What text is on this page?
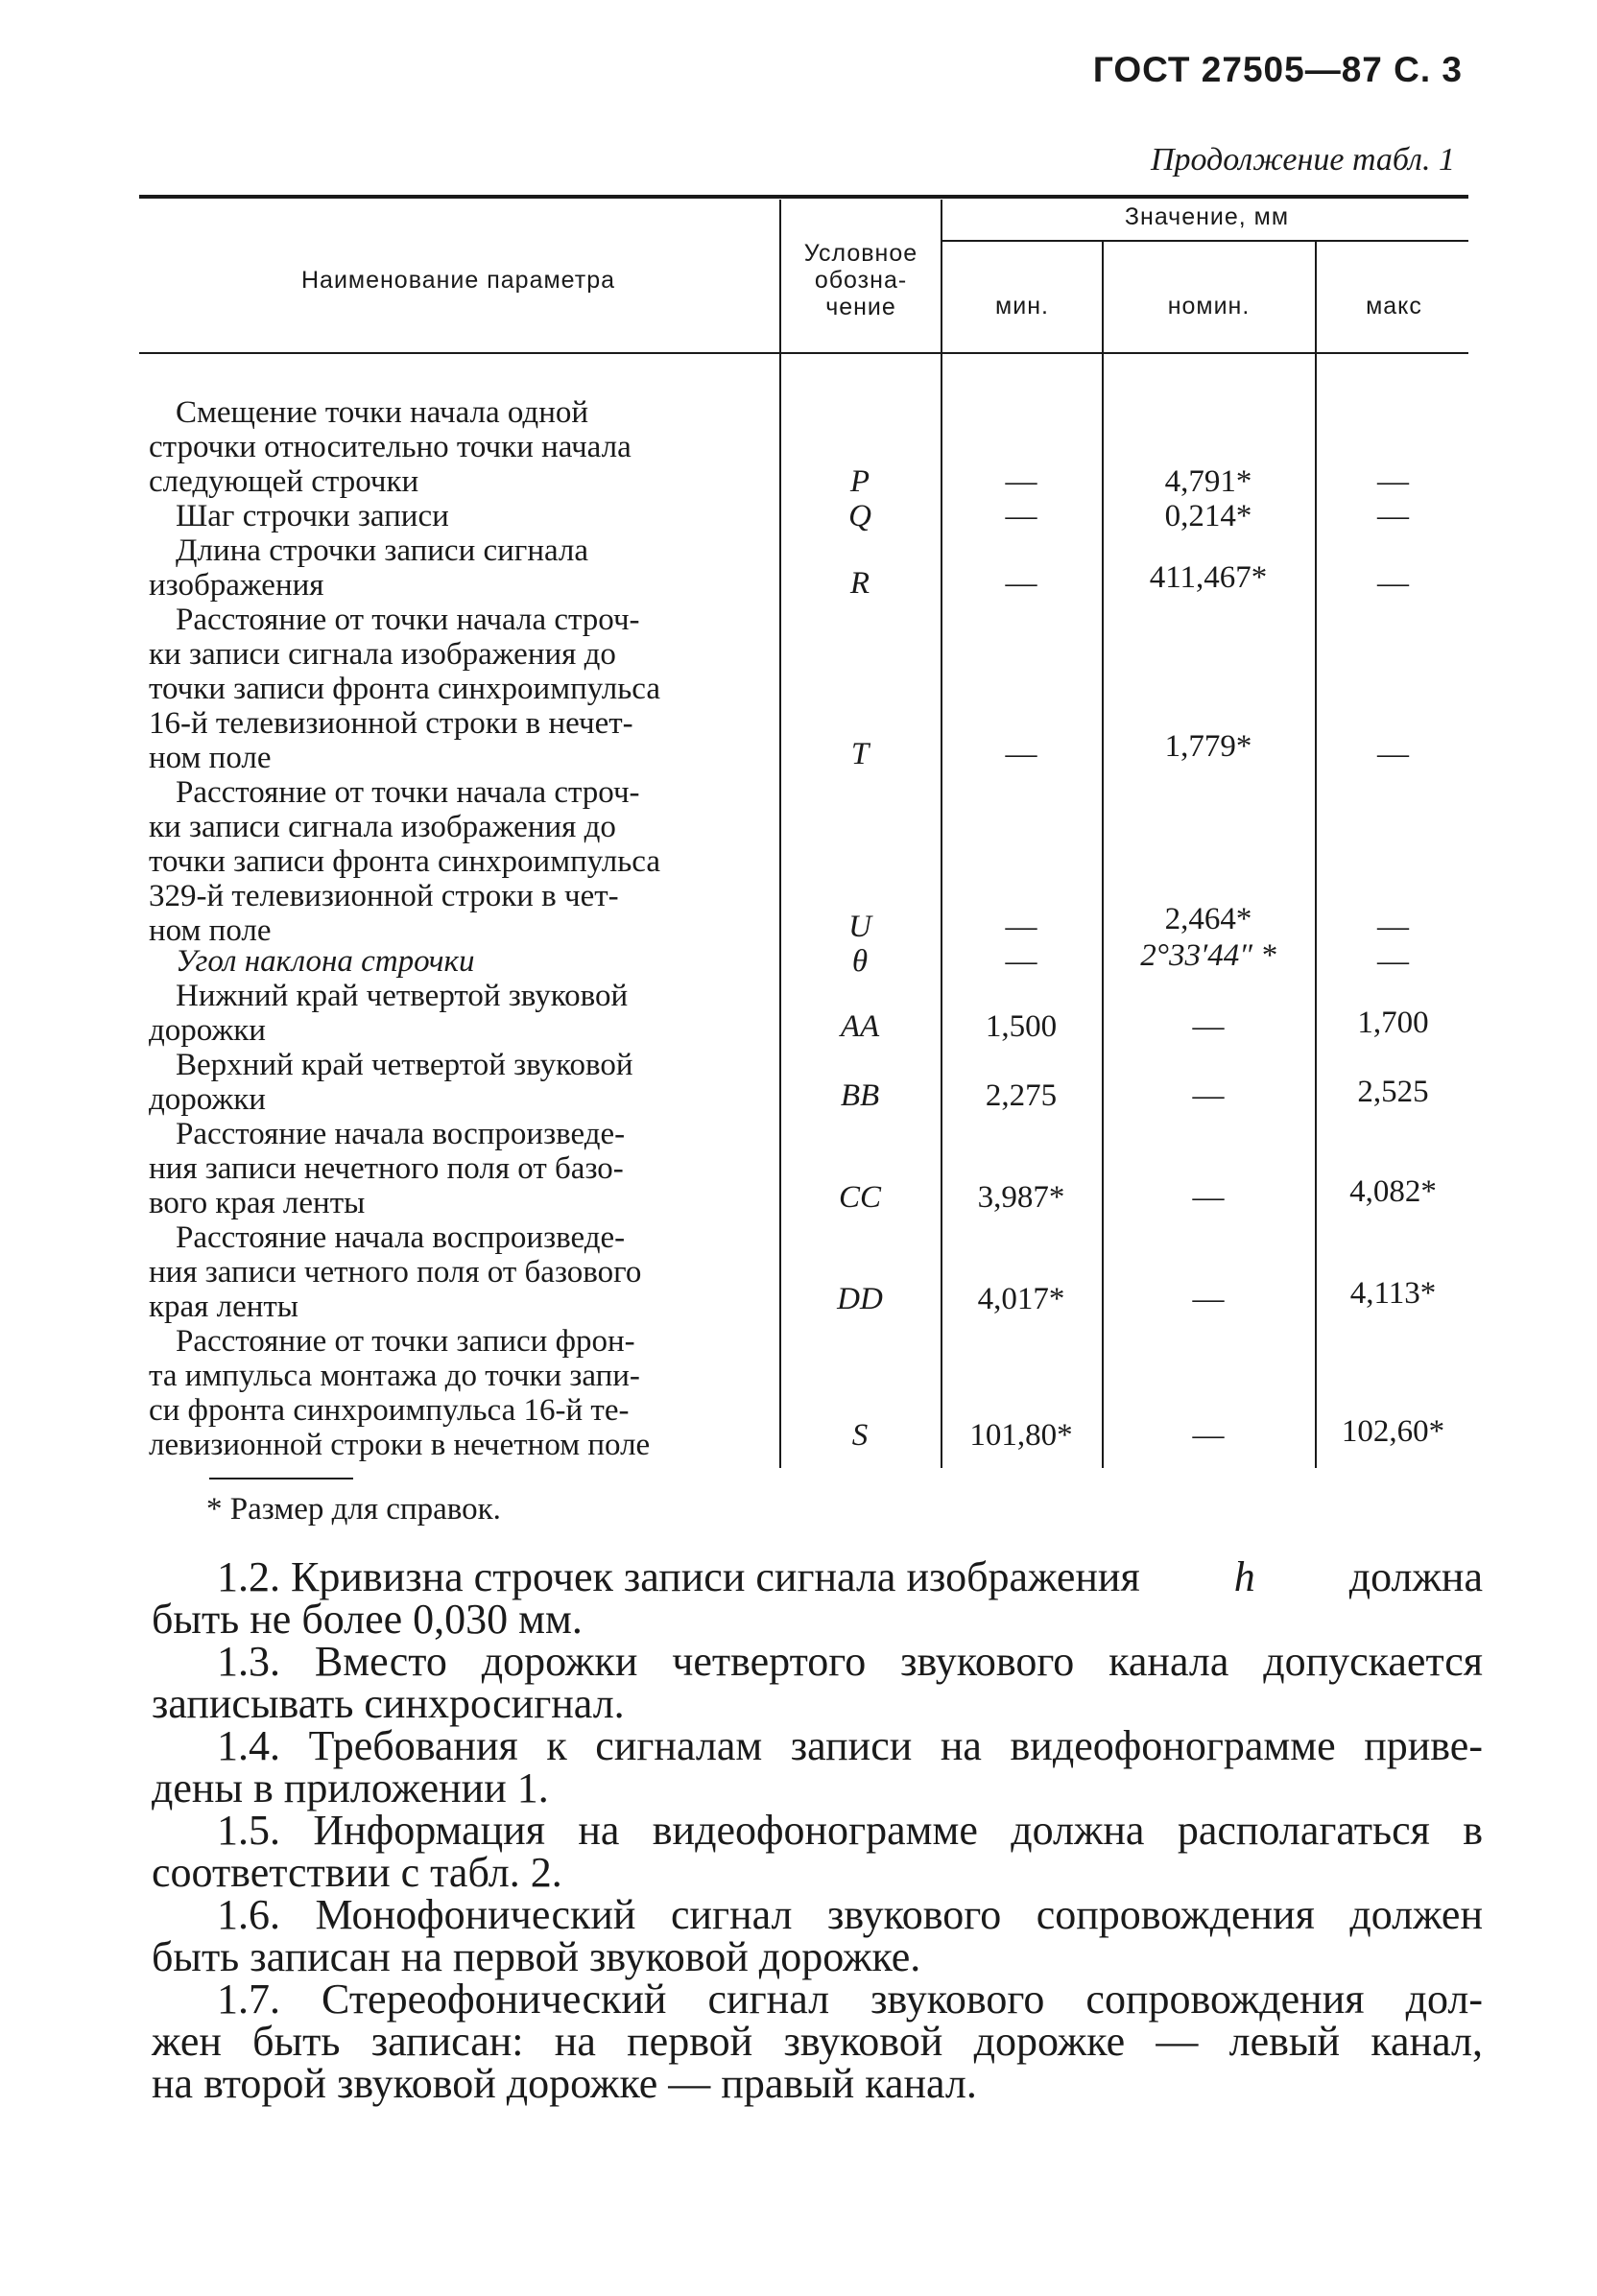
ГОСТ 27505—87 С. 3
Продолжение табл. 1
Наименование параметра
Условное обозна- чение
Значение, мм
мин.	номин.	макс
Смещение точки начала одной
строчки относительно точки начала
следующей строчки	P	—	4,791*	—
Шаг строчки записи	Q	—	0,214*	—
Длина строчки записи сигнала
изображения	R	—	411,467*	—
Расстояние от точки начала строч-
ки записи сигнала изображения до
точки записи фронта синхроимпульса
16-й телевизионной строки в нечет-
ном поле	T	—	1,779*	—
Расстояние от точки начала строч-
ки записи сигнала изображения до
точки записи фронта синхроимпульса
329-й телевизионной строки в чет-
ном поле	U	—	2,464*	—
Угол наклона строчки	θ	—	2°33′44″ *	—
Нижний край четвертой звуковой
дорожки	AA	1,500	—	1,700
Верхний край четвертой звуковой
дорожки	BB	2,275	—	2,525
Расстояние начала воспроизведе-
ния записи нечетного поля от базо-
вого края ленты	CC	3,987*	—	4,082*
Расстояние начала воспроизведе-
ния записи четного поля от базового
края ленты	DD	4,017*	—	4,113*
Расстояние от точки записи фрон-
та импульса монтажа до точки запи-
си фронта синхроимпульса 16-й те-
левизионной строки в нечетном поле	S	101,80*	—	102,60*
* Размер для справок.
1.2. Кривизна строчек записи сигнала изображения h должна
быть не более 0,030 мм.
1.3. Вместо дорожки четвертого звукового канала допускается
записывать синхросигнал.
1.4. Требования к сигналам записи на видеофонограмме приве-
дены в приложении 1.
1.5. Информация на видеофонограмме должна располагаться в
соответствии с табл. 2.
1.6. Монофонический сигнал звукового сопровождения должен
быть записан на первой звуковой дорожке.
1.7. Стереофонический сигнал звукового сопровождения дол-
жен быть записан: на первой звуковой дорожке — левый канал,
на второй звуковой дорожке — правый канал.
